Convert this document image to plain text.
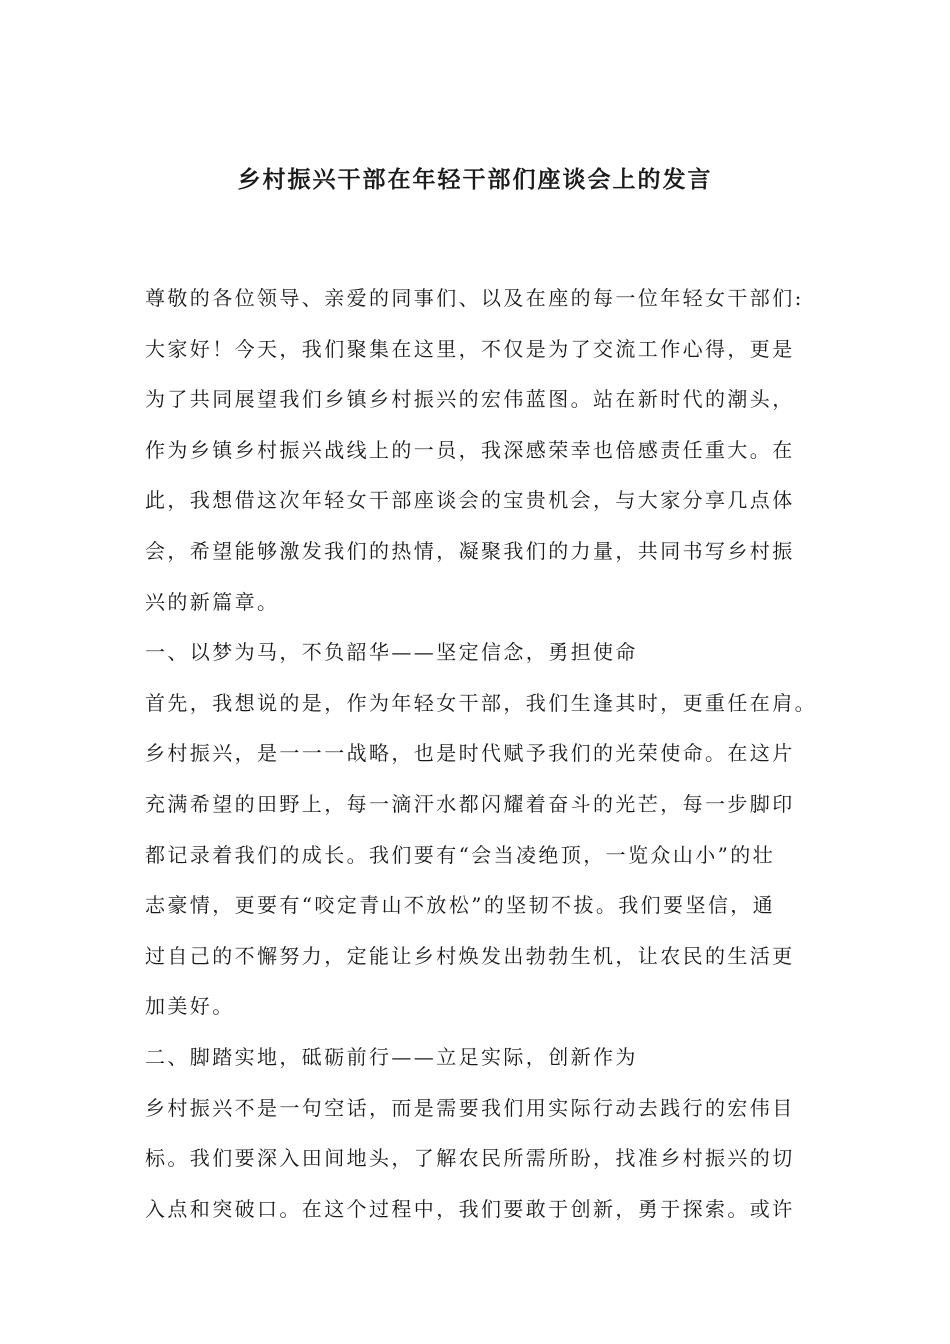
乡村振兴干部在年轻干部们座谈会上的发言
尊敬的各位领导、亲爱的同事们、以及在座的每一位年轻女干部们:
大家好！今天，我们聚集在这里，不仅是为了交流工作心得，更是
为了共同展望我们乡镇乡村振兴的宏伟蓝图。站在新时代的潮头，
作为乡镇乡村振兴战线上的一员，我深感荣幸也倍感责任重大。在
此，我想借这次年轻女干部座谈会的宝贵机会，与大家分享几点体
会，希望能够激发我们的热情，凝聚我们的力量，共同书写乡村振
兴的新篇章。
一、以梦为马，不负韶华——坚定信念，勇担使命
首先，我想说的是，作为年轻女干部，我们生逢其时，更重任在肩。
乡村振兴，是一一一战略，也是时代赋予我们的光荣使命。在这片
充满希望的田野上，每一滴汗水都闪耀着奋斗的光芒，每一步脚印
都记录着我们的成长。我们要有“会当凌绝顶，一览众山小”的壮
志豪情，更要有“咬定青山不放松”的坚韧不拔。我们要坚信，通
过自己的不懈努力，定能让乡村焕发出勃勃生机，让农民的生活更
加美好。
二、脚踏实地，砥砺前行——立足实际，创新作为
乡村振兴不是一句空话，而是需要我们用实际行动去践行的宏伟目
标。我们要深入田间地头，了解农民所需所盼，找准乡村振兴的切
入点和突破口。在这个过程中，我们要敢于创新，勇于探索。或许
